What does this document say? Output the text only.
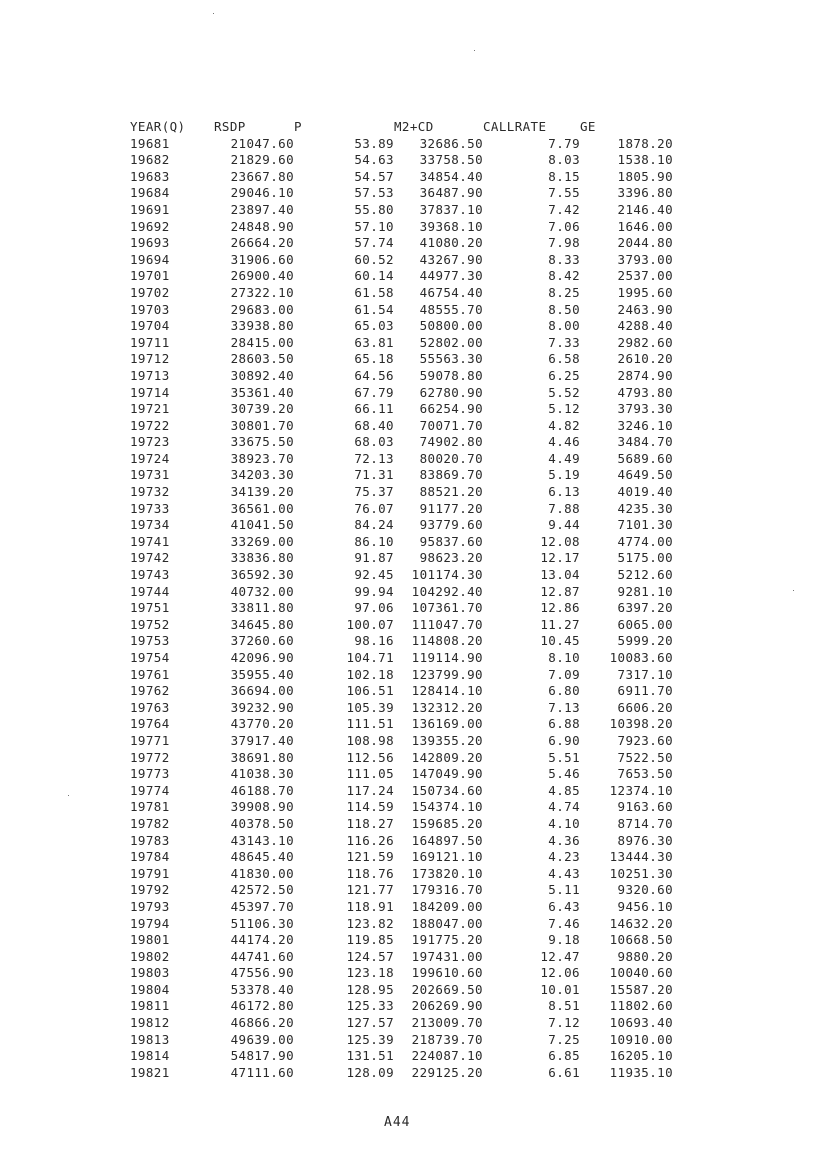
YEAR(Q)	RSDP	P	M2+CD	CALLRATE	GE
19681	21047.60	53.89	32686.50	7.79	1878.20
19682	21829.60	54.63	33758.50	8.03	1538.10
19683	23667.80	54.57	34854.40	8.15	1805.90
19684	29046.10	57.53	36487.90	7.55	3396.80
19691	23897.40	55.80	37837.10	7.42	2146.40
19692	24848.90	57.10	39368.10	7.06	1646.00
19693	26664.20	57.74	41080.20	7.98	2044.80
19694	31906.60	60.52	43267.90	8.33	3793.00
19701	26900.40	60.14	44977.30	8.42	2537.00
19702	27322.10	61.58	46754.40	8.25	1995.60
19703	29683.00	61.54	48555.70	8.50	2463.90
19704	33938.80	65.03	50800.00	8.00	4288.40
19711	28415.00	63.81	52802.00	7.33	2982.60
19712	28603.50	65.18	55563.30	6.58	2610.20
19713	30892.40	64.56	59078.80	6.25	2874.90
19714	35361.40	67.79	62780.90	5.52	4793.80
19721	30739.20	66.11	66254.90	5.12	3793.30
19722	30801.70	68.40	70071.70	4.82	3246.10
19723	33675.50	68.03	74902.80	4.46	3484.70
19724	38923.70	72.13	80020.70	4.49	5689.60
19731	34203.30	71.31	83869.70	5.19	4649.50
19732	34139.20	75.37	88521.20	6.13	4019.40
19733	36561.00	76.07	91177.20	7.88	4235.30
19734	41041.50	84.24	93779.60	9.44	7101.30
19741	33269.00	86.10	95837.60	12.08	4774.00
19742	33836.80	91.87	98623.20	12.17	5175.00
19743	36592.30	92.45	101174.30	13.04	5212.60
19744	40732.00	99.94	104292.40	12.87	9281.10
19751	33811.80	97.06	107361.70	12.86	6397.20
19752	34645.80	100.07	111047.70	11.27	6065.00
19753	37260.60	98.16	114808.20	10.45	5999.20
19754	42096.90	104.71	119114.90	8.10	10083.60
19761	35955.40	102.18	123799.90	7.09	7317.10
19762	36694.00	106.51	128414.10	6.80	6911.70
19763	39232.90	105.39	132312.20	7.13	6606.20
19764	43770.20	111.51	136169.00	6.88	10398.20
19771	37917.40	108.98	139355.20	6.90	7923.60
19772	38691.80	112.56	142809.20	5.51	7522.50
19773	41038.30	111.05	147049.90	5.46	7653.50
19774	46188.70	117.24	150734.60	4.85	12374.10
19781	39908.90	114.59	154374.10	4.74	9163.60
19782	40378.50	118.27	159685.20	4.10	8714.70
19783	43143.10	116.26	164897.50	4.36	8976.30
19784	48645.40	121.59	169121.10	4.23	13444.30
19791	41830.00	118.76	173820.10	4.43	10251.30
19792	42572.50	121.77	179316.70	5.11	9320.60
19793	45397.70	118.91	184209.00	6.43	9456.10
19794	51106.30	123.82	188047.00	7.46	14632.20
19801	44174.20	119.85	191775.20	9.18	10668.50
19802	44741.60	124.57	197431.00	12.47	9880.20
19803	47556.90	123.18	199610.60	12.06	10040.60
19804	53378.40	128.95	202669.50	10.01	15587.20
19811	46172.80	125.33	206269.90	8.51	11802.60
19812	46866.20	127.57	213009.70	7.12	10693.40
19813	49639.00	125.39	218739.70	7.25	10910.00
19814	54817.90	131.51	224087.10	6.85	16205.10
19821	47111.60	128.09	229125.20	6.61	11935.10
A44
